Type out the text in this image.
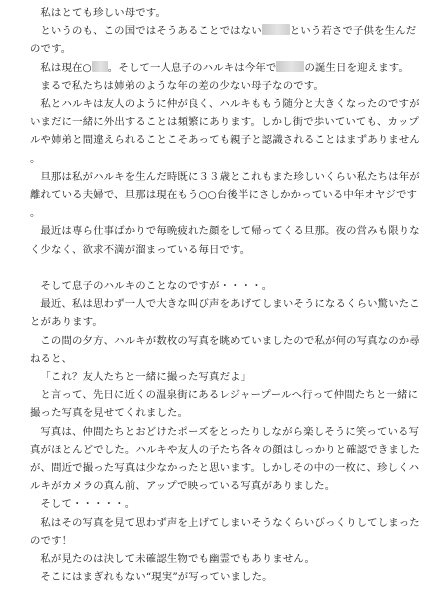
私はとても珍しい母です。

というのも、この国ではそうあることではない	という若さで子供を生んだのです。

私は現在○ 。そして一人息子のハルキは今年で	の誕生日を迎えます。

まるで私たちは姉弟のような年の差の少ない母子なのです。

私とハルキは友人のように仲が良く、ハルキももう随分と大きくなったのですがいまだに一緒に外出することは頻繁にあります。しかし街で歩いていても、カップルや姉弟と間違えられることこそあっても親子と認識されることはまずありません。

旦那は私がハルキを生んだ時既に３３歳とこれもまた珍しいくらい私たちは年が離れている夫婦で、旦那は現在もう○○台後半にさしかかっている中年オヤジです。

最近は専ら仕事ばかりで毎晩疲れた顔をして帰ってくる旦那。夜の営みも限りなく少なく、欲求不満が溜まっている毎日です。

そして息子のハルキのことなのですが・・・・。

最近、私は思わず一人で大きな叫び声をあげてしまいそうになるくらい驚いたことがあります。

この間の夕方、ハルキが数枚の写真を眺めていましたので私が何の写真なのか尋ねると、

「これ？友人たちと一緒に撮った写真だよ」

と言って、先日に近くの温泉街にあるレジャープールへ行って仲間たちと一緒に撮った写真を見せてくれました。

写真は、仲間たちとおどけたポーズをとったりしながら楽しそうに笑っている写真がほとんどでした。ハルキや友人の子たち各々の顔はしっかりと確認できましたが、間近で撮った写真は少なかったと思います。しかしその中の一枚に、珍しくハルキがカメラの真ん前、アップで映っている写真がありました。

そして・・・・・。

私はその写真を見て思わず声を上げてしまいそうなくらいびっくりしてしまったのです！

私が見たのは決して未確認生物でも幽霊でもありません。

そこにはまぎれもない“現実”が写っていました。
